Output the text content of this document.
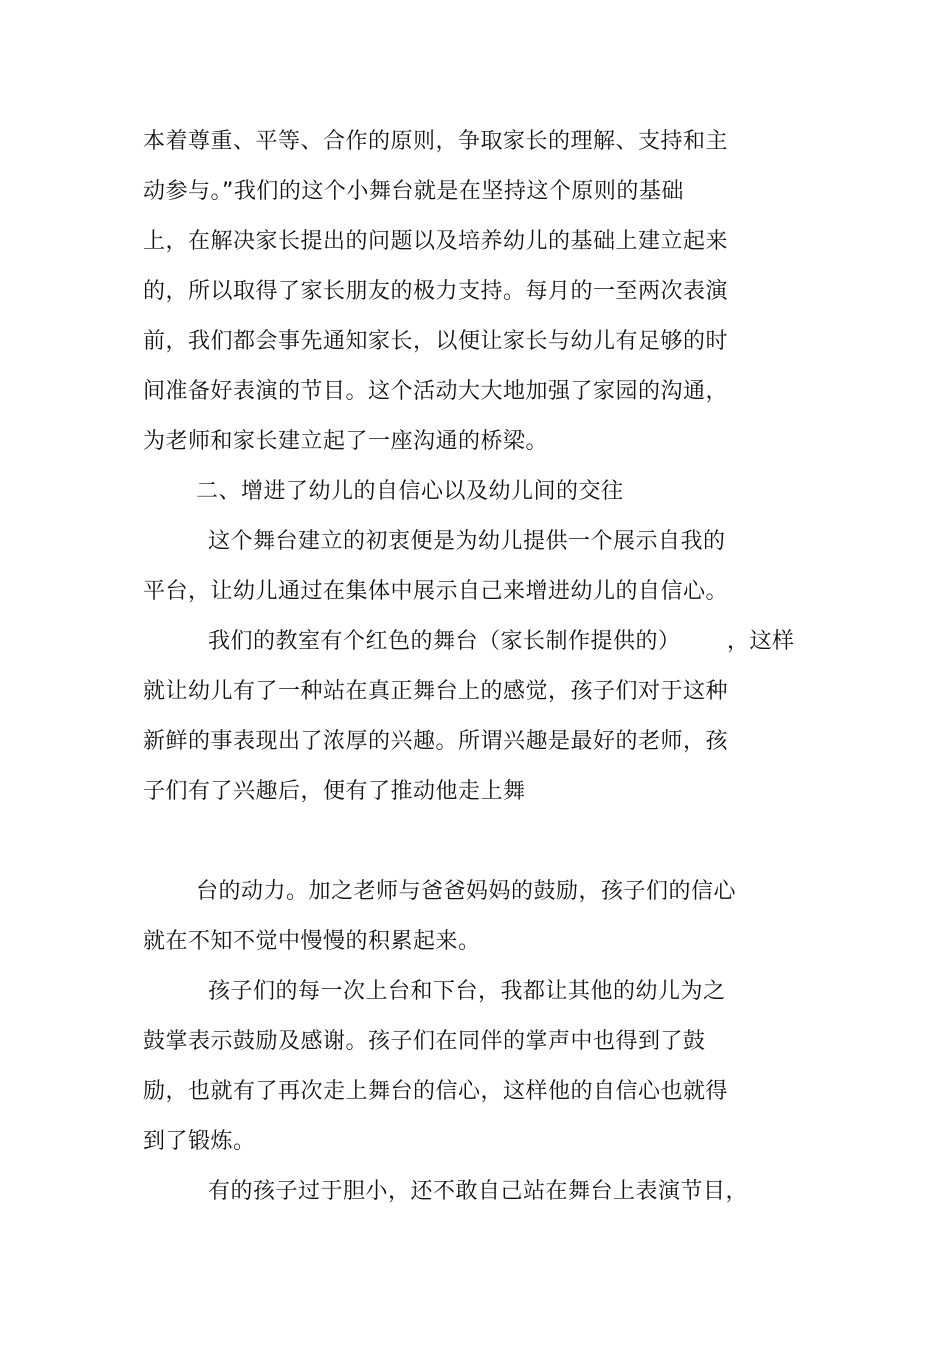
本着尊重、平等、合作的原则，争取家长的理解、支持和主
动参与。”我们的这个小舞台就是在坚持这个原则的基础
上，在解决家长提出的问题以及培养幼儿的基础上建立起来
的，所以取得了家长朋友的极力支持。每月的一至两次表演
前，我们都会事先通知家长，以便让家长与幼儿有足够的时
间准备好表演的节目。这个活动大大地加强了家园的沟通，
为老师和家长建立起了一座沟通的桥梁。
二、增进了幼儿的自信心以及幼儿间的交往
这个舞台建立的初衷便是为幼儿提供一个展示自我的
平台，让幼儿通过在集体中展示自己来增进幼儿的自信心。
我们的教室有个红色的舞台（家长制作提供的） ，这样
就让幼儿有了一种站在真正舞台上的感觉，孩子们对于这种
新鲜的事表现出了浓厚的兴趣。所谓兴趣是最好的老师，孩
子们有了兴趣后，便有了推动他走上舞
台的动力。加之老师与爸爸妈妈的鼓励，孩子们的信心
就在不知不觉中慢慢的积累起来。
孩子们的每一次上台和下台，我都让其他的幼儿为之
鼓掌表示鼓励及感谢。孩子们在同伴的掌声中也得到了鼓
励，也就有了再次走上舞台的信心，这样他的自信心也就得
到了锻炼。
有的孩子过于胆小，还不敢自己站在舞台上表演节目，
